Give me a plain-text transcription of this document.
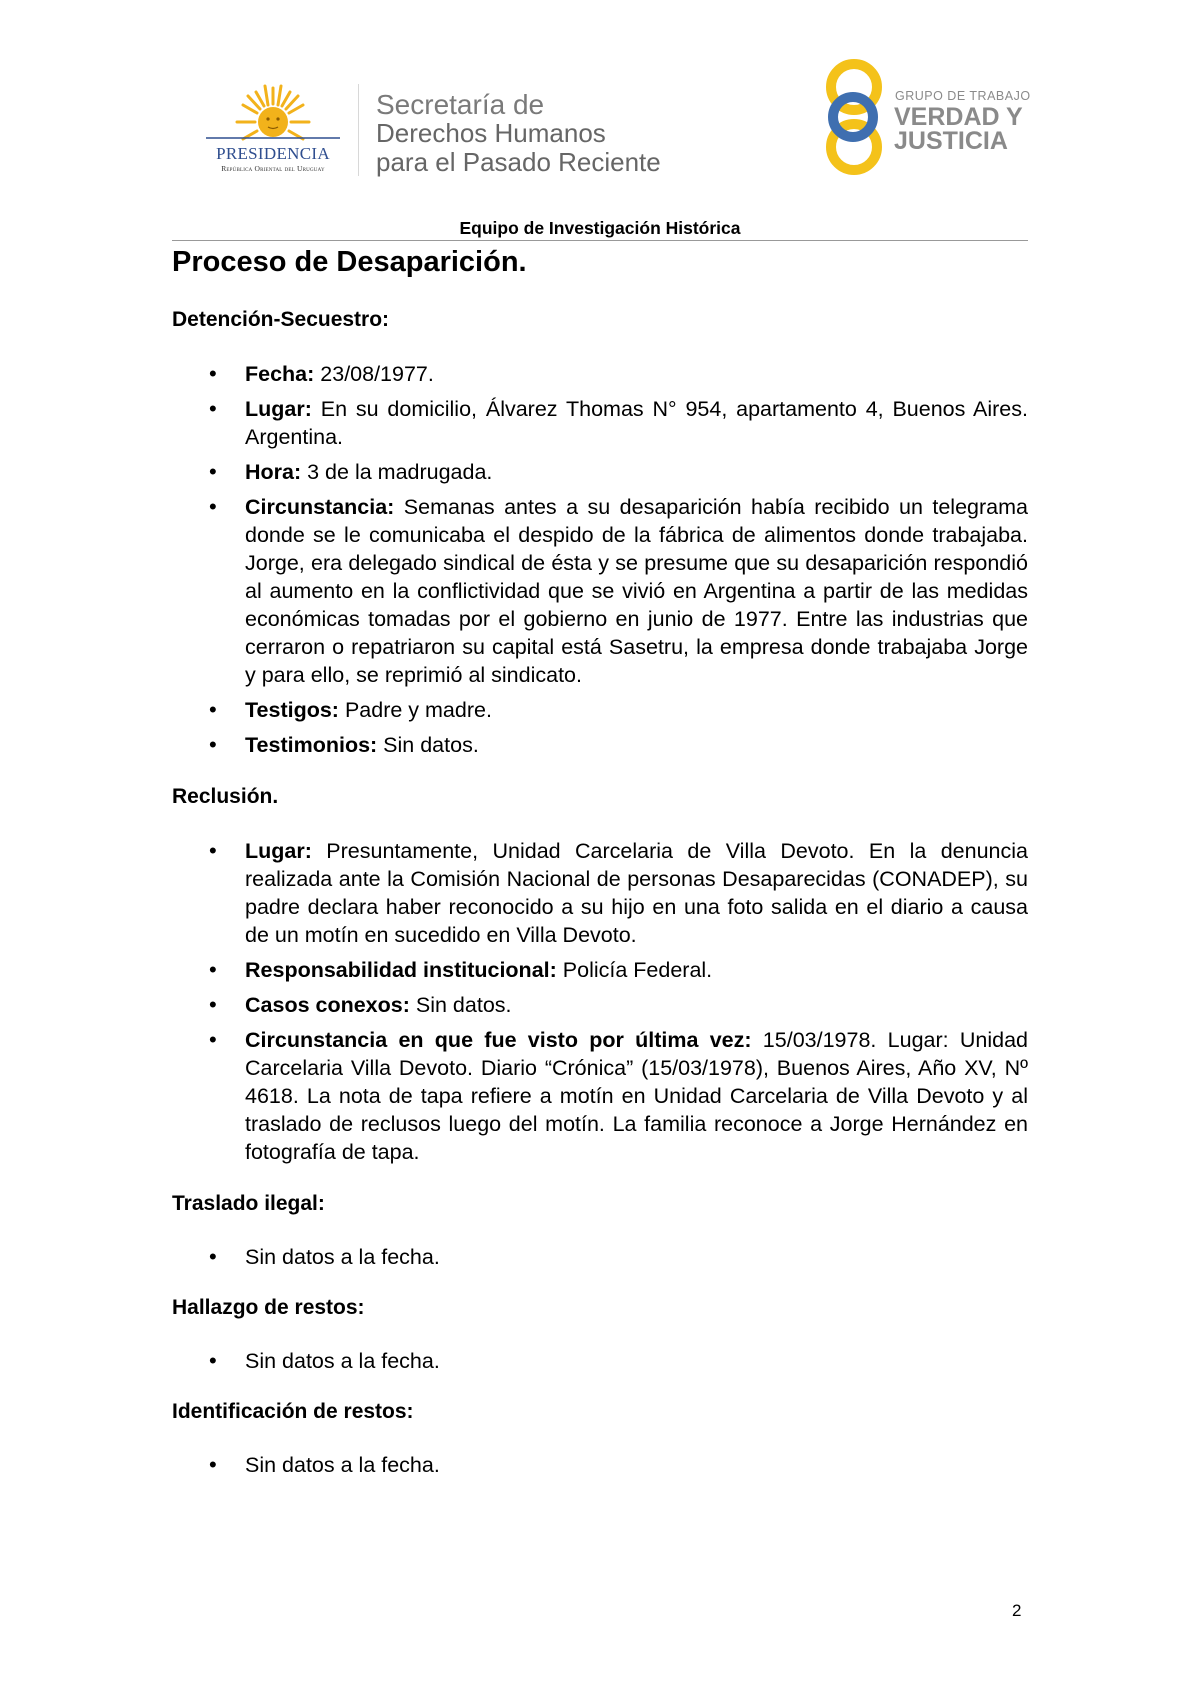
PRESIDENCIA
República Oriental del Uruguay
Secretaría de
Derechos Humanos
para el Pasado Reciente
GRUPO DE TRABAJO
VERDAD Y
JUSTICIA
Equipo de Investigación Histórica
Proceso de Desaparición.
Detención-Secuestro:
• Fecha: 23/08/1977.
• Lugar: En su domicilio, Álvarez Thomas N° 954, apartamento 4, Buenos Aires. Argentina.
• Hora: 3 de la madrugada.
• Circunstancia: Semanas antes a su desaparición había recibido un telegrama donde se le comunicaba el despido de la fábrica de alimentos donde trabajaba. Jorge, era delegado sindical de ésta y se presume que su desaparición respondió al aumento en la conflictividad que se vivió en Argentina a partir de las medidas económicas tomadas por el gobierno en junio de 1977. Entre las industrias que cerraron o repatriaron su capital está Sasetru, la empresa donde trabajaba Jorge y para ello, se reprimió al sindicato.
• Testigos: Padre y madre.
• Testimonios: Sin datos.
Reclusión.
• Lugar: Presuntamente, Unidad Carcelaria de Villa Devoto. En la denuncia realizada ante la Comisión Nacional de personas Desaparecidas (CONADEP), su padre declara haber reconocido a su hijo en una foto salida en el diario a causa de un motín en sucedido en Villa Devoto.
• Responsabilidad institucional: Policía Federal.
• Casos conexos: Sin datos.
• Circunstancia en que fue visto por última vez: 15/03/1978. Lugar: Unidad Carcelaria Villa Devoto. Diario “Crónica” (15/03/1978), Buenos Aires, Año XV, Nº 4618. La nota de tapa refiere a motín en Unidad Carcelaria de Villa Devoto y al traslado de reclusos luego del motín. La familia reconoce a Jorge Hernández en fotografía de tapa.
Traslado ilegal:
• Sin datos a la fecha.
Hallazgo de restos:
• Sin datos a la fecha.
Identificación de restos:
• Sin datos a la fecha.
2
